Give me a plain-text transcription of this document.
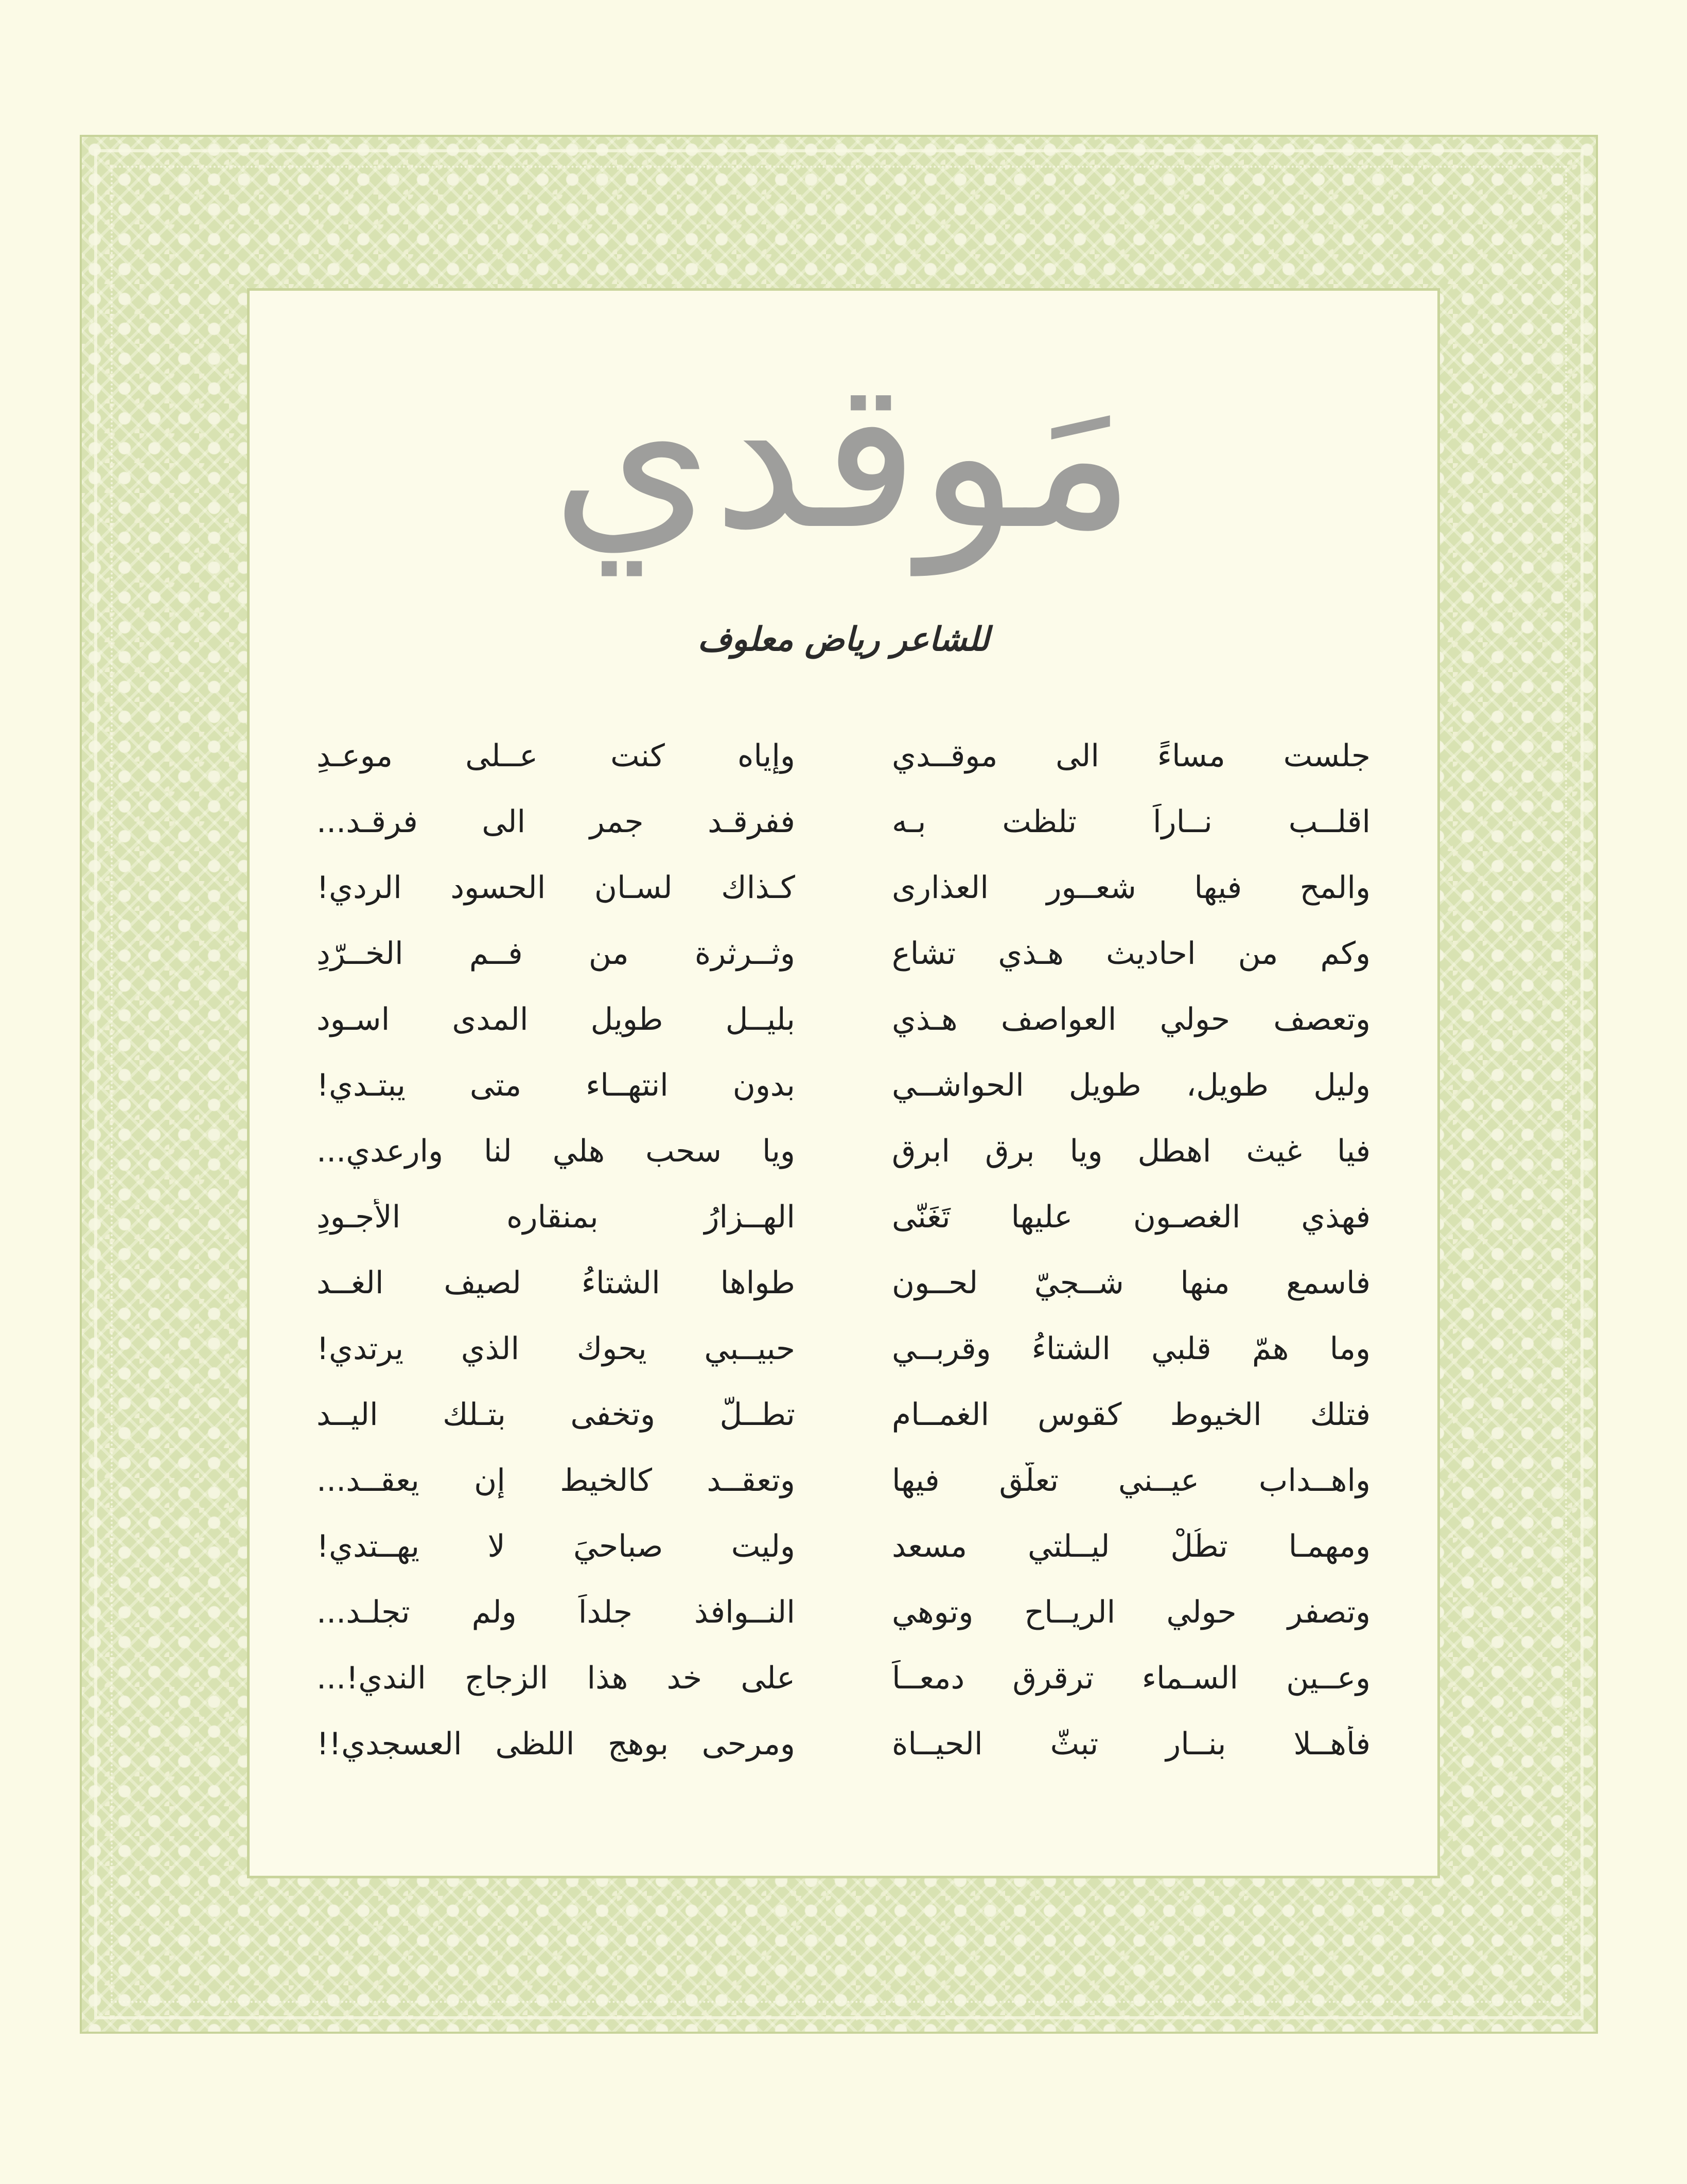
مَوقدي
للشاعر رياض معلوف
جلست مساءً الى موقــدي
وإياه كنت عــلى موعـدِ
اقلــب نــاراً تلظت بـه
ففرقـد جمر الى فرقـد...
والمح فيها شعــور العذارى
كـذاك لسـان الحسود الردي!
وكم من احاديث هـذي تشاع
وثــرثرة من فــم الخــرّدِ
وتعصف حولي العواصف هـذي
بليــل طويل المدى اسـود
وليل طويل، طويل الحواشــي
بدون انتهــاء متى يبتـدي!
فيا غيث اهطل ويا برق ابرق
ويا سحب هلي لنا وارعدي...
فهذي الغصـون عليها تَغَنّى
الهــزارُ بمنقاره الأجـودِ
فاسمع منها شــجيّ لحــون
طواها الشتاءُ لصيف الغــد
وما همّ قلبي الشتاءُ وقربــي
حبيــبي يحوك الذي يرتدي!
فتلك الخيوط كقوس الغمــام
تطــلّ وتخفى بتـلك اليــد
واهــداب عيــني تعلّق فيها
وتعقــد كالخيط إن يعقــد...
ومهمـا تطُلْ ليــلتي مسعد
وليت صباحيَ لا يهــتدي!
وتصفر حولي الريــاح وتوهي
النــوافذ جلداً ولم تجلـد...
وعــين السـماء ترقرق دمعــاً
على خد هذا الزجاج الندي!...
فأهــلا بنــار تبثّ الحيــاة
ومرحى بوهج اللظى العسجدي!!
